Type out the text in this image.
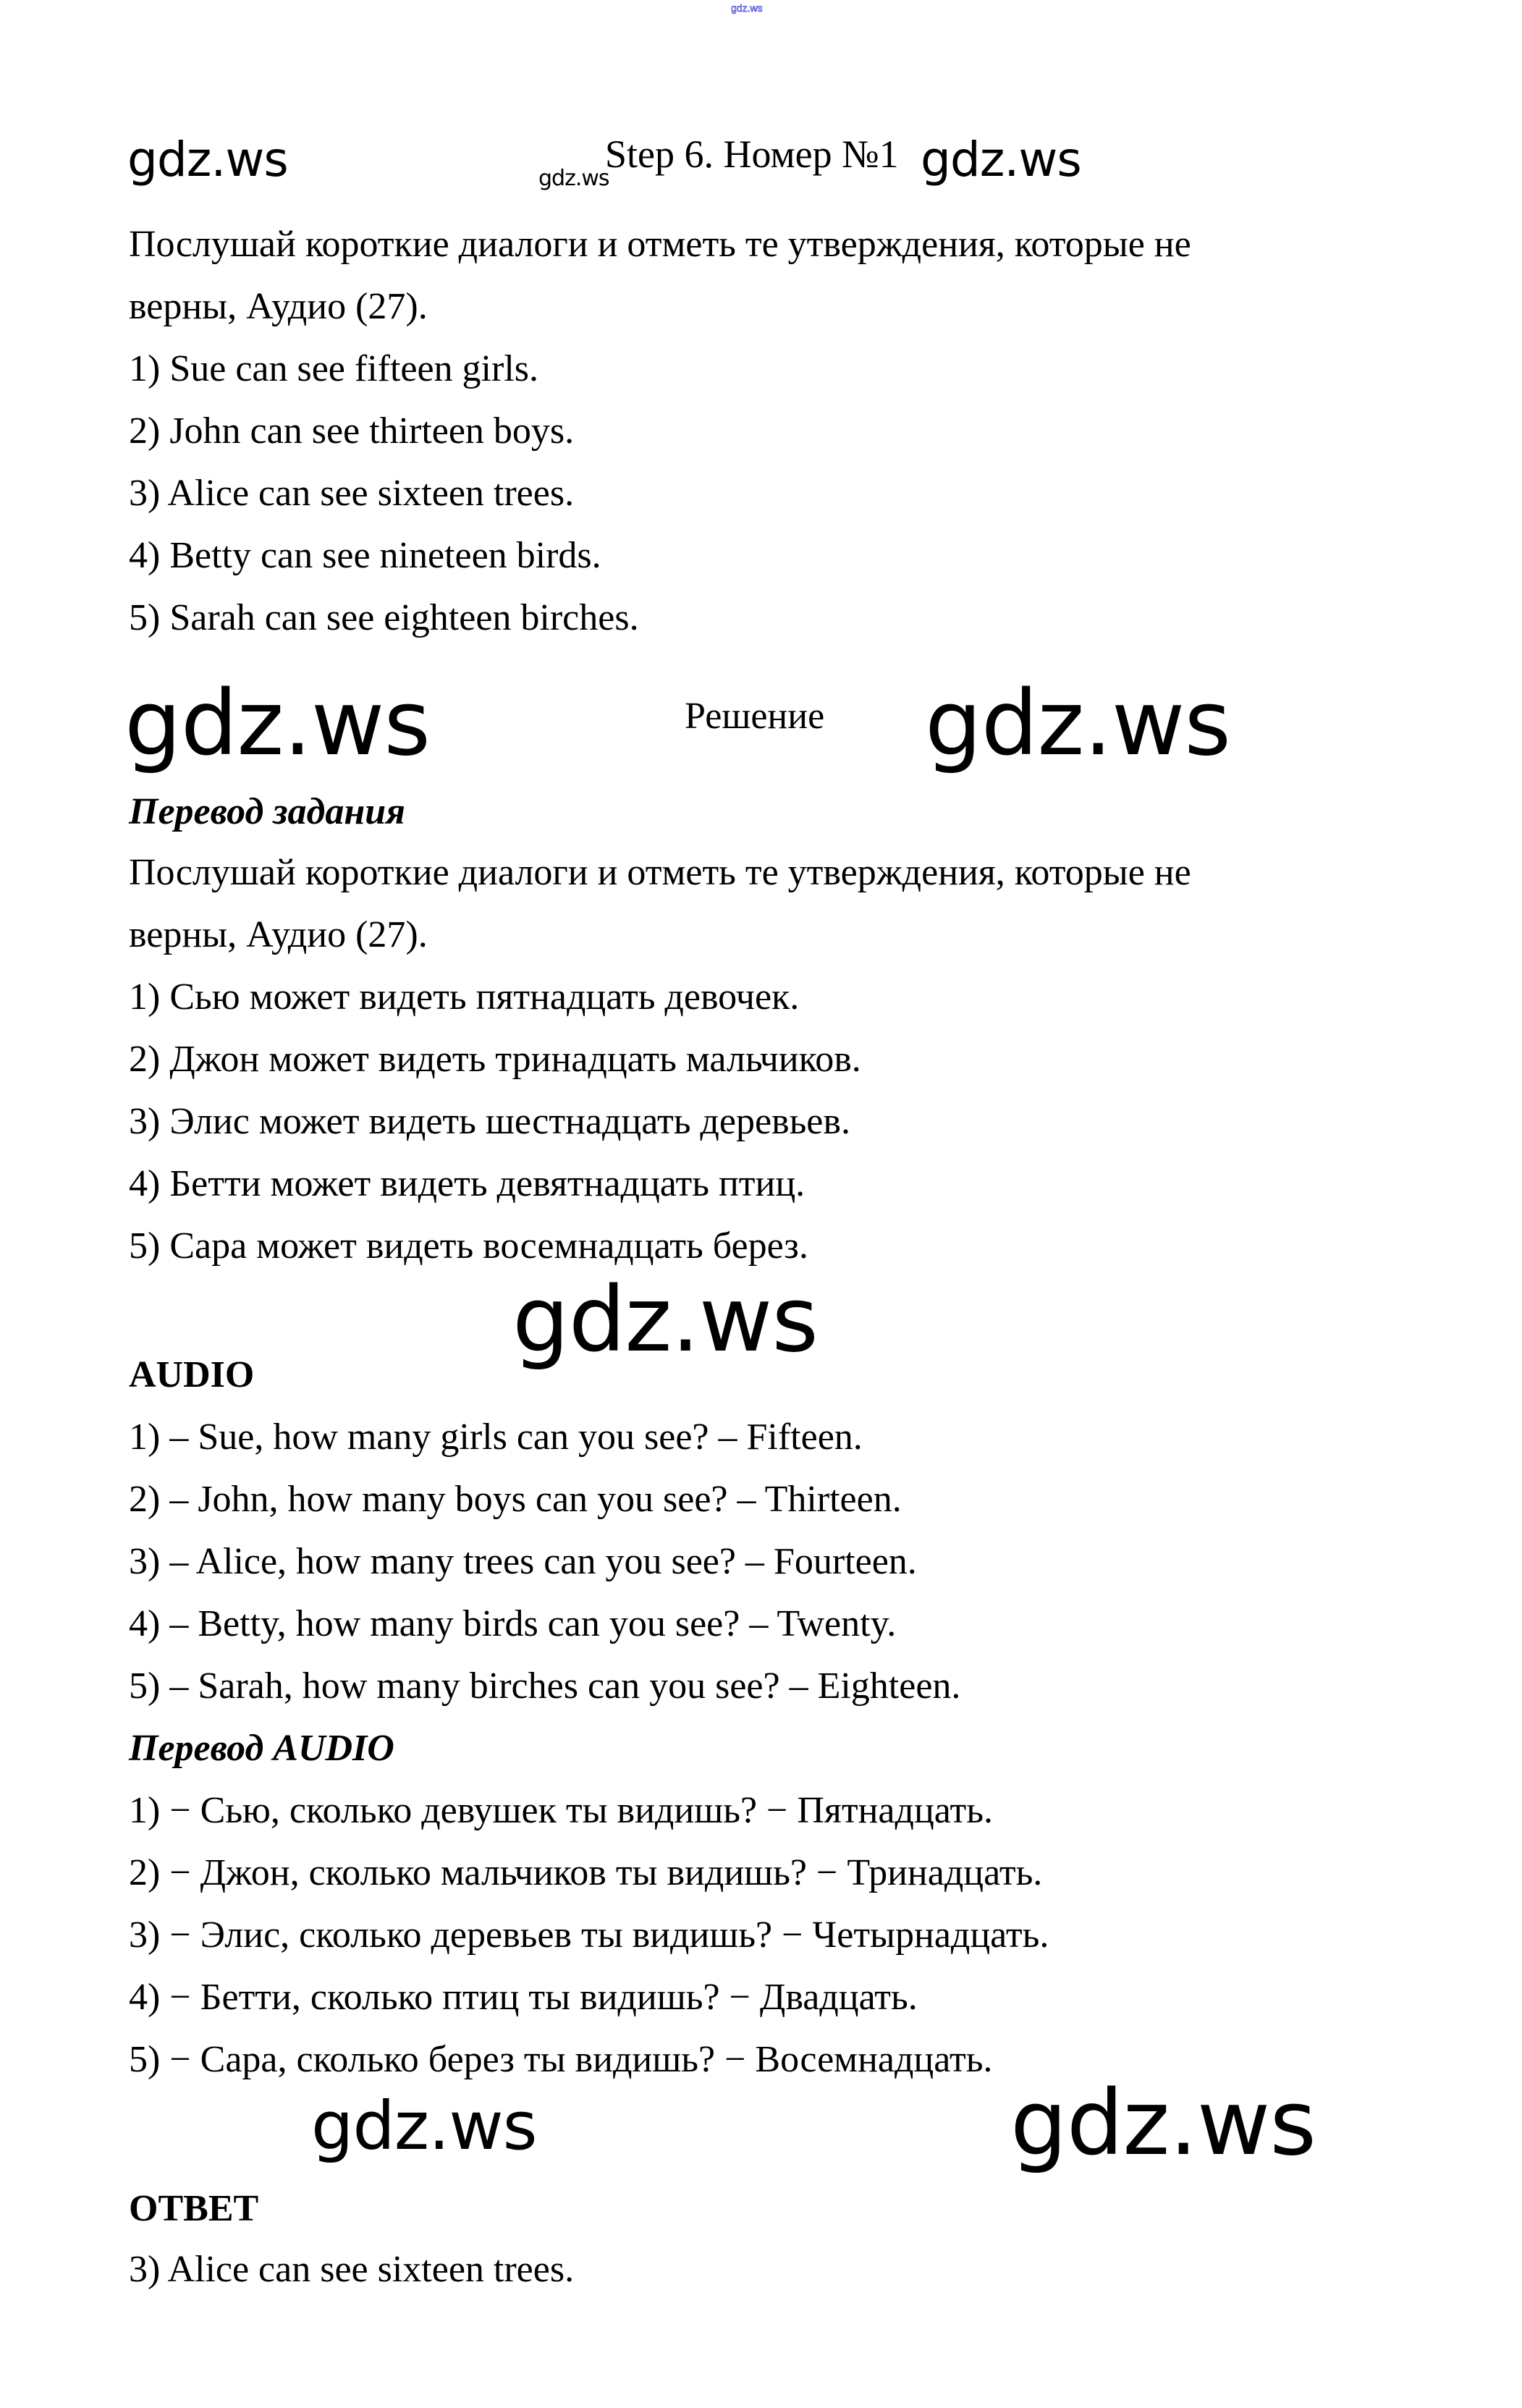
gdz.ws
gdz.ws	gdz.ws
Step 6. Номер №1 gdz.ws
Послушай короткие диалоги и отметь те утверждения, которые не
верны, Аудио (27).
1) Sue can see fifteen girls.
2) John can see thirteen boys.
3) Alice can see sixteen trees.
4) Betty can see nineteen birds.
5) Sarah can see eighteen birches.
gdz.ws	Решение gdz.ws
Перевод задания
Послушай короткие диалоги и отметь те утверждения, которые не
верны, Аудио (27).
1) Сью может видеть пятнадцать девочек.
2) Джон может видеть тринадцать мальчиков.
3) Элис может видеть шестнадцать деревьев.
4) Бетти может видеть девятнадцать птиц.
5) Сара может видеть восемнадцать берез.
gdz.ws
AUDIO
1) – Sue, how many girls can you see? – Fifteen.
2) – John, how many boys can you see? – Thirteen.
3) – Alice, how many trees can you see? – Fourteen.
4) – Betty, how many birds can you see? – Twenty.
5) – Sarah, how many birches can you see? – Eighteen.
Перевод AUDIO
1) − Сью, сколько девушек ты видишь? − Пятнадцать.
2) − Джон, сколько мальчиков ты видишь? − Тринадцать.
3) − Элис, сколько деревьев ты видишь? − Четырнадцать.
4) − Бетти, сколько птиц ты видишь? − Двадцать.
5) − Сара, сколько берез ты видишь? − Восемнадцать.
gdz.ws	gdz.ws
ОТВЕТ
3) Alice can see sixteen trees.
